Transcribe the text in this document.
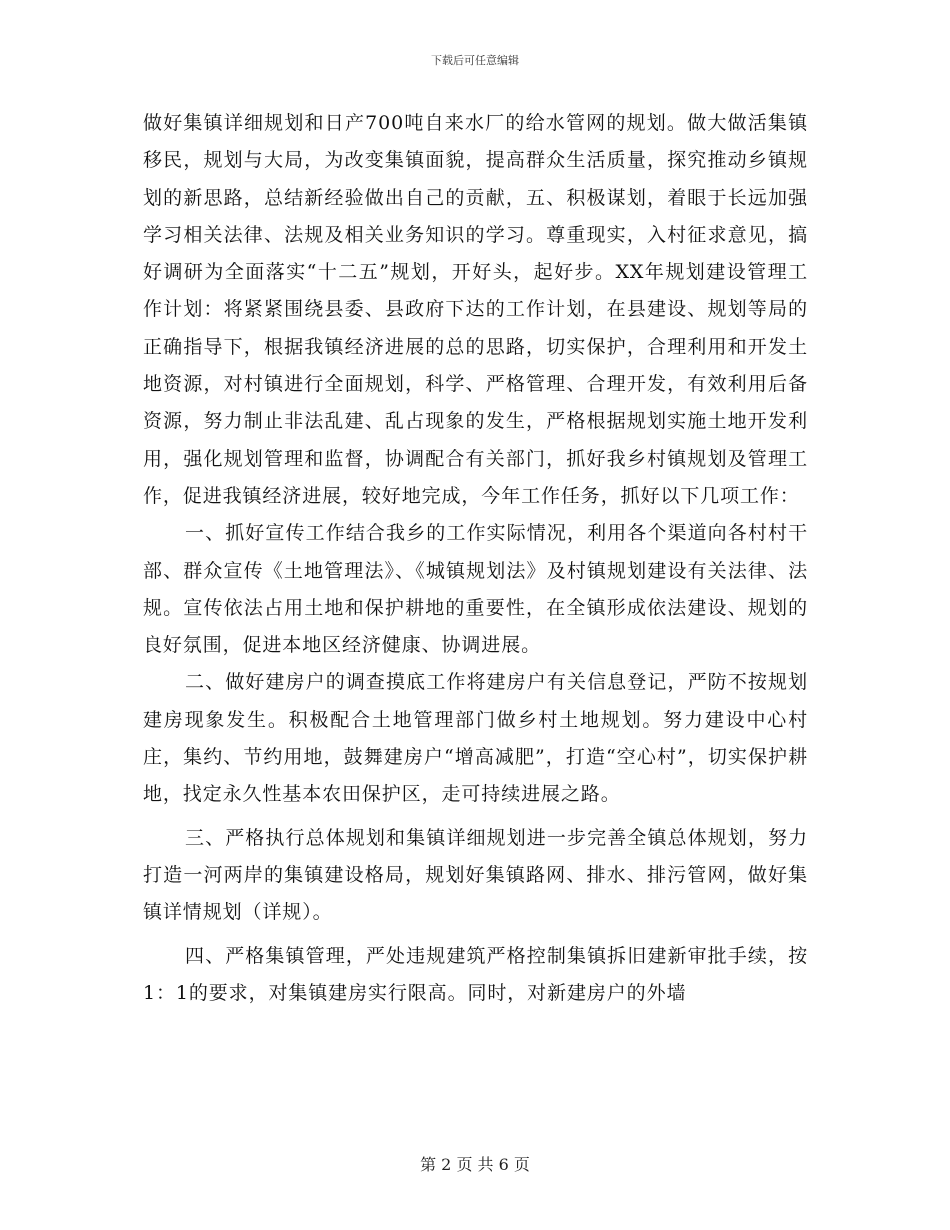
下载后可任意编辑

做好集镇详细规划和日产700吨自来水厂的给水管网的规划。做大做活集镇移民，规划与大局，为改变集镇面貌，提高群众生活质量，探究推动乡镇规划的新思路，总结新经验做出自己的贡献，五、积极谋划，着眼于长远加强学习相关法律、法规及相关业务知识的学习。尊重现实，入村征求意见，搞好调研为全面落实“十二五”规划，开好头，起好步。XX年规划建设管理工作计划：将紧紧围绕县委、县政府下达的工作计划，在县建设、规划等局的正确指导下，根据我镇经济进展的总的思路，切实保护，合理利用和开发土地资源，对村镇进行全面规划，科学、严格管理、合理开发，有效利用后备资源，努力制止非法乱建、乱占现象的发生，严格根据规划实施土地开发利用，强化规划管理和监督，协调配合有关部门，抓好我乡村镇规划及管理工作，促进我镇经济进展，较好地完成，今年工作任务，抓好以下几项工作：

一、抓好宣传工作结合我乡的工作实际情况，利用各个渠道向各村村干部、群众宣传《土地管理法》、《城镇规划法》及村镇规划建设有关法律、法规。宣传依法占用土地和保护耕地的重要性，在全镇形成依法建设、规划的良好氛围，促进本地区经济健康、协调进展。

二、做好建房户的调查摸底工作将建房户有关信息登记，严防不按规划建房现象发生。积极配合土地管理部门做乡村土地规划。努力建设中心村庄，集约、节约用地，鼓舞建房户“增高减肥”，打造“空心村”，切实保护耕地，找定永久性基本农田保护区，走可持续进展之路。

三、严格执行总体规划和集镇详细规划进一步完善全镇总体规划，努力打造一河两岸的集镇建设格局，规划好集镇路网、排水、排污管网，做好集镇详情规划（详规）。

四、严格集镇管理，严处违规建筑严格控制集镇拆旧建新审批手续，按1：1的要求，对集镇建房实行限高。同时，对新建房户的外墙

第 2 页 共 6 页
